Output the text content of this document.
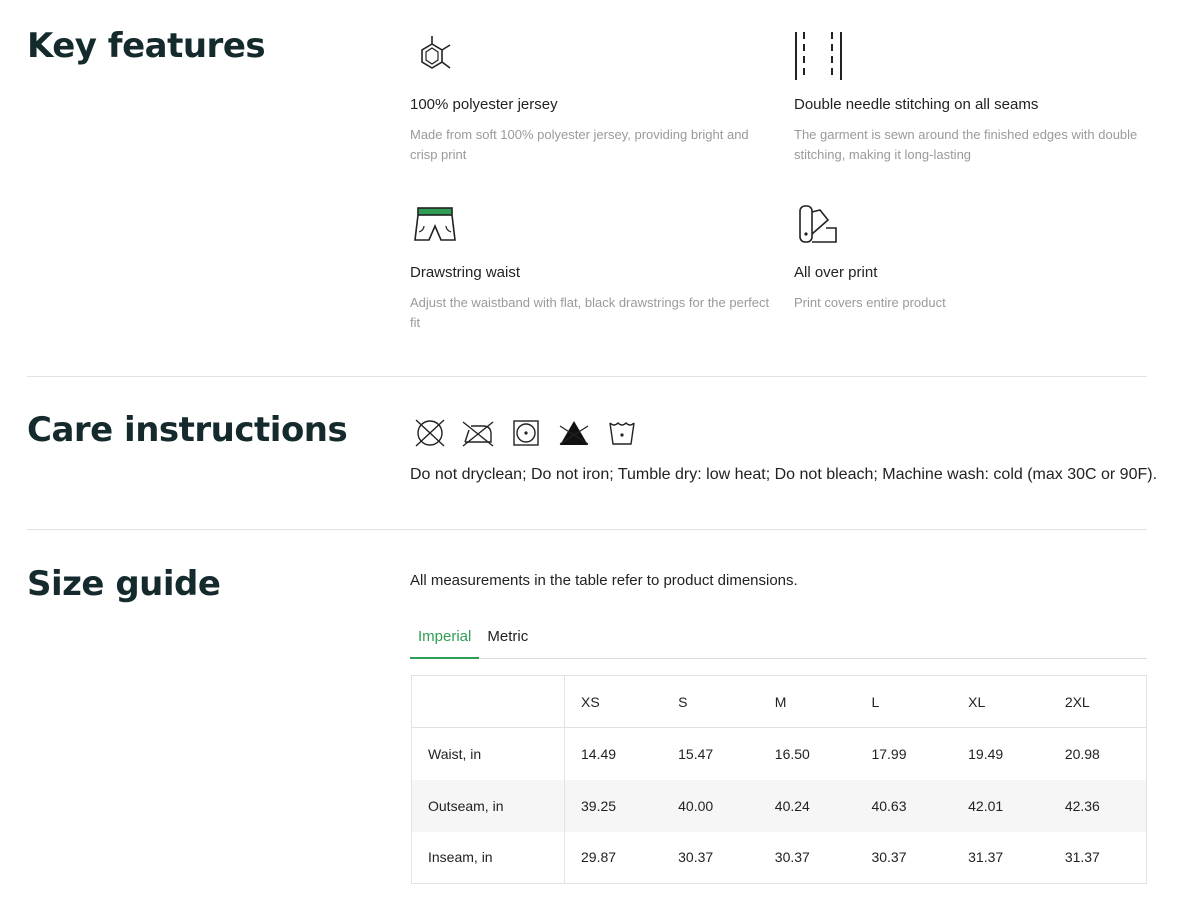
Key features
100% polyester jersey
Made from soft 100% polyester jersey, providing bright and crisp print
Double needle stitching on all seams
The garment is sewn around the finished edges with double stitching, making it long-lasting
Drawstring waist
Adjust the waistband with flat, black drawstrings for the perfect fit
All over print
Print covers entire product
Care instructions
Do not dryclean; Do not iron; Tumble dry: low heat; Do not bleach; Machine wash: cold (max 30C or 90F).
Size guide	All measurements in the table refer to product dimensions.
Imperial	Metric
	XS	S	M	L	XL	2XL
Waist, in	14.49	15.47	16.50	17.99	19.49	20.98
Outseam, in	39.25	40.00	40.24	40.63	42.01	42.36
Inseam, in	29.87	30.37	30.37	30.37	31.37	31.37
